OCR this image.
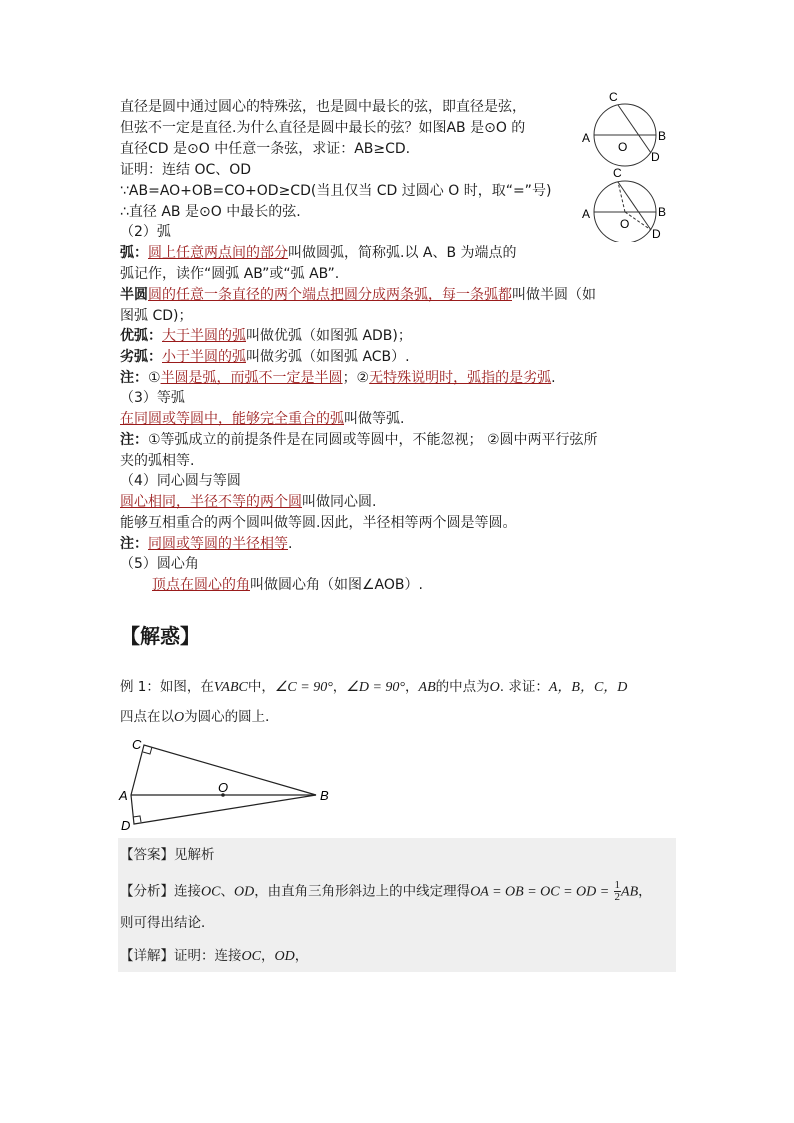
直径是圆中通过圆心的特殊弦，也是圆中最长的弦，即直径是弦，
但弦不一定是直径.为什么直径是圆中最长的弦？如图AB 是⊙O 的
直径CD 是⊙O 中任意一条弦，求证：AB≥CD.
证明：连结 OC、OD
∵AB=AO+OB=CO+OD≥CD(当且仅当 CD 过圆心 O 时，取“=”号)
∴直径 AB 是⊙O 中最长的弦.
（2）弧
弧：圆上任意两点间的部分叫做圆弧，简称弧.以 A、B 为端点的
弧记作，读作“圆弧 AB”或“弧 AB”.
半圆圆的任意一条直径的两个端点把圆分成两条弧，每一条弧都叫做半圆（如
图弧 CD)；
优弧：大于半圆的弧叫做优弧（如图弧 ADB)；
劣弧：小于半圆的弧叫做劣弧（如图弧 ACB）.
注：①半圆是弧，而弧不一定是半圆；②无特殊说明时，弧指的是劣弧.
（3）等弧
在同圆或等圆中，能够完全重合的弧叫做等弧.
注：①等弧成立的前提条件是在同圆或等圆中，不能忽视； ②圆中两平行弦所
夹的弧相等.
（4）同心圆与等圆
圆心相同，半径不等的两个圆叫做同心圆.
能够互相重合的两个圆叫做等圆.因此，半径相等两个圆是等圆。
注：同圆或等圆的半径相等.
（5）圆心角
顶点在圆心的角叫做圆心角（如图∠AOB）.
C
A	B
O
D
C
A	B
O
D
【解惑】
例 1：如图，在VABC中，∠C = 90°，∠D = 90°，AB的中点为O. 求证：A，B，C，D
四点在以O为圆心的圆上．
C
A
O
B
D
【答案】见解析
【分析】连接OC、OD，由直角三角形斜边上的中线定理得OA = OB = OC = OD = $\frac{1}{2}$ AB，
则可得出结论．
【详解】证明：连接OC，OD，
